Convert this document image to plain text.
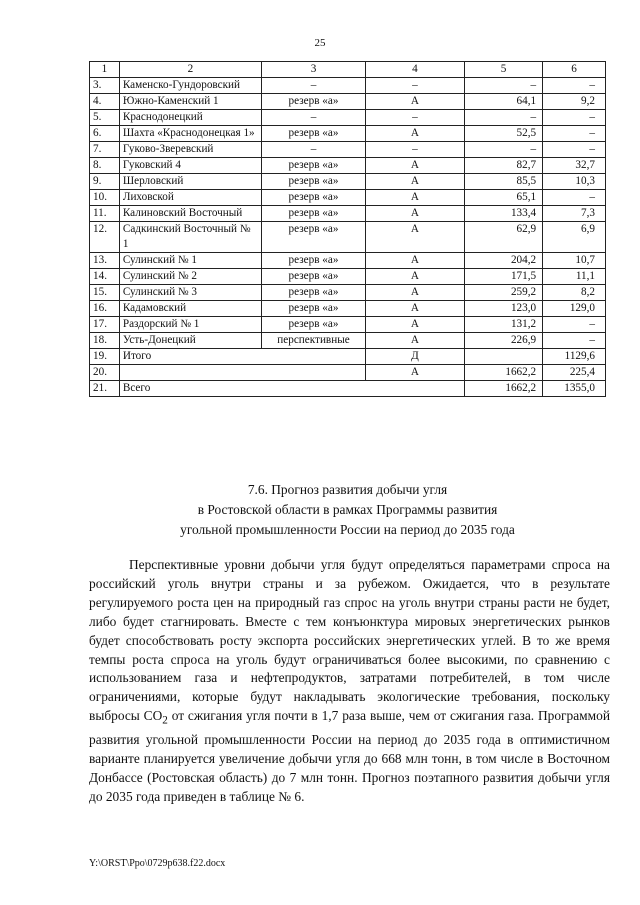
25
1	2	3	4	5	6
3.	Каменско-Гундоровский	–	–	–	–
4.	Южно-Каменский 1	резерв «а»	А	64,1	9,2
5.	Краснодонецкий	–	–	–	–
6.	Шахта «Краснодонецкая 1»	резерв «а»	А	52,5	–
7.	Гуково-Зверевский	–	–	–	–
8.	Гуковский 4	резерв «а»	А	82,7	32,7
9.	Шерловский	резерв «а»	А	85,5	10,3
10.	Лиховской	резерв «а»	А	65,1	–
11.	Калиновский Восточный	резерв «а»	А	133,4	7,3
12.	Садкинский Восточный № 1	резерв «а»	А	62,9	6,9
13.	Сулинский № 1	резерв «а»	А	204,2	10,7
14.	Сулинский № 2	резерв «а»	А	171,5	11,1
15.	Сулинский № 3	резерв «а»	А	259,2	8,2
16.	Кадамовский	резерв «а»	А	123,0	129,0
17.	Раздорский № 1	резерв «а»	А	131,2	–
18.	Усть-Донецкий	перспективные	А	226,9	–
19.	Итого		Д		1129,6
20.			А	1662,2	225,4
21.	Всего			1662,2	1355,0
7.6. Прогноз развития добычи угля
в Ростовской области в рамках Программы развития
угольной промышленности России на период до 2035 года

Перспективные уровни добычи угля будут определяться параметрами спроса на российский уголь внутри страны и за рубежом. Ожидается, что в результате регулируемого роста цен на природный газ спрос на уголь внутри страны расти не будет, либо будет стагнировать. Вместе с тем конъюнктура мировых энергетических рынков будет способствовать росту экспорта российских энергетических углей. В то же время темпы роста спроса на уголь будут ограничиваться более высокими, по сравнению с использованием газа и нефтепродуктов, затратами потребителей, в том числе ограничениями, которые будут накладывать экологические требования, поскольку выбросы $CO_2$ от сжигания угля почти в 1,7 раза выше, чем от сжигания газа. Программой развития угольной промышленности России на период до 2035 года в оптимистичном варианте планируется увеличение добычи угля до 668 млн тонн, в том числе в Восточном Донбассе (Ростовская область) до 7 млн тонн. Прогноз поэтапного развития добычи угля до 2035 года приведен в таблице № 6.

Y:\ORST\Ppo\0729p638.f22.docx
